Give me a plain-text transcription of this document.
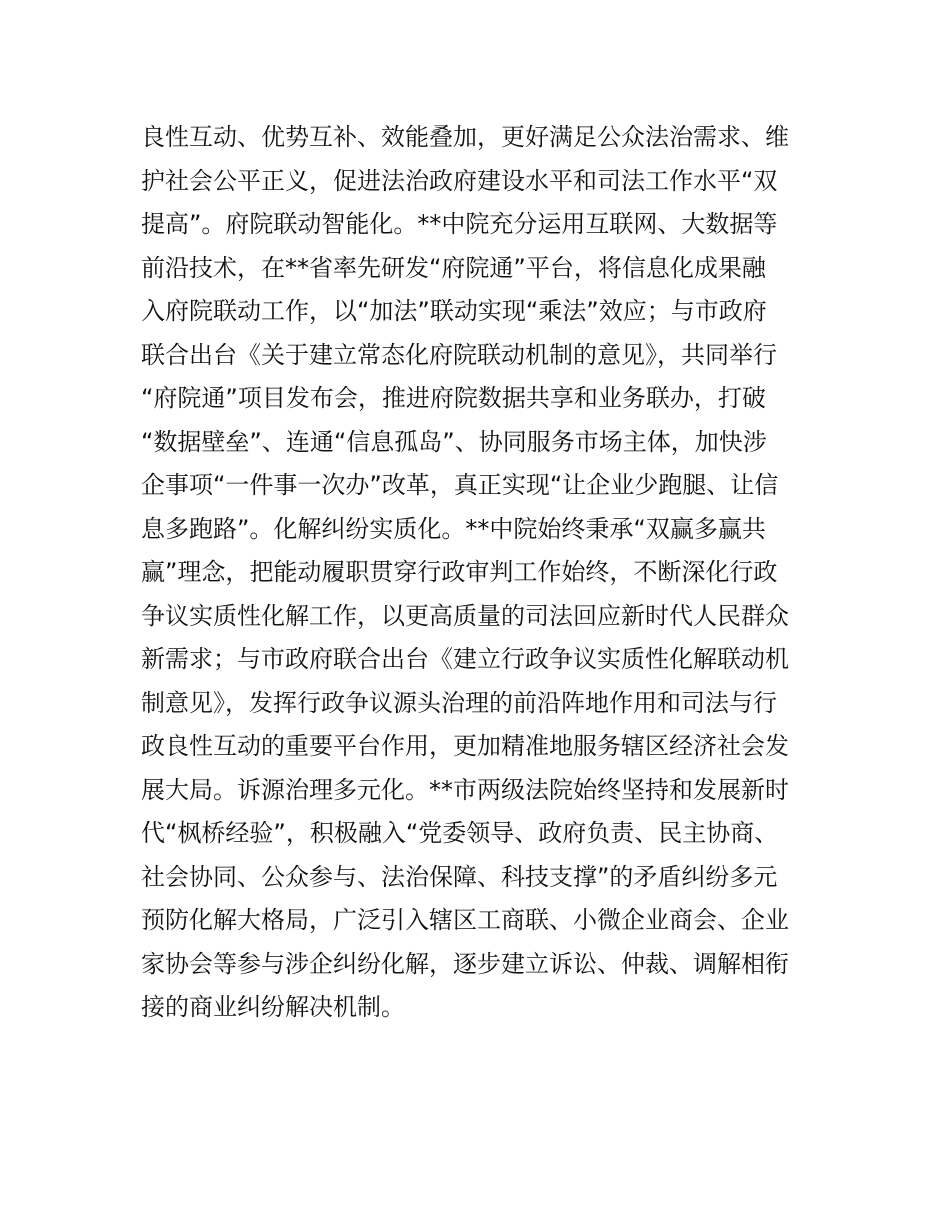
良性互动、优势互补、效能叠加，更好满足公众法治需求、维
护社会公平正义，促进法治政府建设水平和司法工作水平“双
提高”。府院联动智能化。**中院充分运用互联网、大数据等
前沿技术，在**省率先研发“府院通”平台，将信息化成果融
入府院联动工作，以“加法”联动实现“乘法”效应；与市政府
联合出台《关于建立常态化府院联动机制的意见》，共同举行
“府院通”项目发布会，推进府院数据共享和业务联办，打破
“数据壁垒”、连通“信息孤岛”、协同服务市场主体，加快涉
企事项“一件事一次办”改革，真正实现“让企业少跑腿、让信
息多跑路”。化解纠纷实质化。**中院始终秉承“双赢多赢共
赢”理念，把能动履职贯穿行政审判工作始终，不断深化行政
争议实质性化解工作，以更高质量的司法回应新时代人民群众
新需求；与市政府联合出台《建立行政争议实质性化解联动机
制意见》，发挥行政争议源头治理的前沿阵地作用和司法与行
政良性互动的重要平台作用，更加精准地服务辖区经济社会发
展大局。诉源治理多元化。**市两级法院始终坚持和发展新时
代“枫桥经验”，积极融入“党委领导、政府负责、民主协商、
社会协同、公众参与、法治保障、科技支撑”的矛盾纠纷多元
预防化解大格局，广泛引入辖区工商联、小微企业商会、企业
家协会等参与涉企纠纷化解，逐步建立诉讼、仲裁、调解相衔
接的商业纠纷解决机制。
